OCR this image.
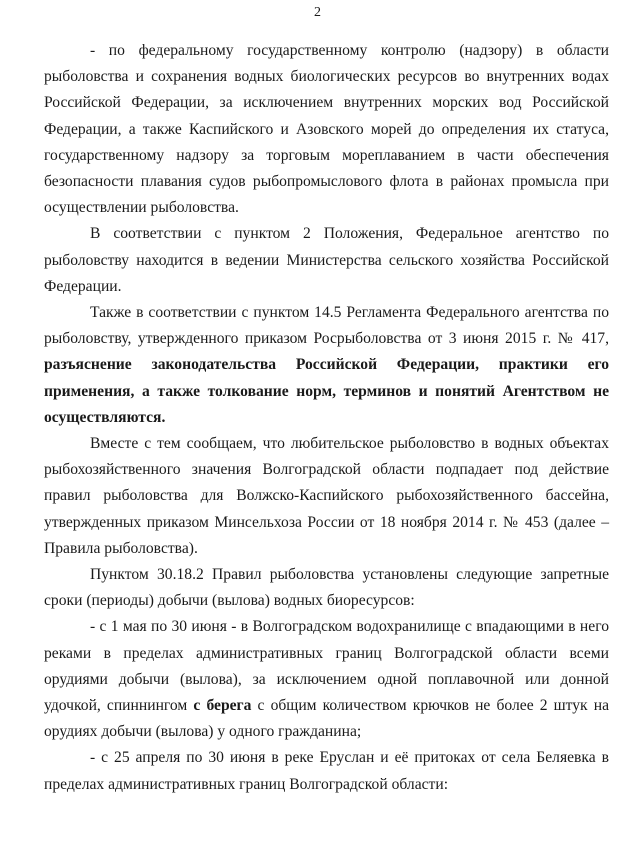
2

- по федеральному государственному контролю (надзору) в области рыболовства и сохранения водных биологических ресурсов во внутренних водах Российской Федерации, за исключением внутренних морских вод Российской Федерации, а также Каспийского и Азовского морей до определения их статуса, государственному надзору за торговым мореплаванием в части обеспечения безопасности плавания судов рыбопромыслового флота в районах промысла при осуществлении рыболовства.

В соответствии с пунктом 2 Положения, Федеральное агентство по рыболовству находится в ведении Министерства сельского хозяйства Российской Федерации.

Также в соответствии с пунктом 14.5 Регламента Федерального агентства по рыболовству, утвержденного приказом Росрыболовства от 3 июня 2015 г. № 417, разъяснение законодательства Российской Федерации, практики его применения, а также толкование норм, терминов и понятий Агентством не осуществляются.

Вместе с тем сообщаем, что любительское рыболовство в водных объектах рыбохозяйственного значения Волгоградской области подпадает под действие правил рыболовства для Волжско-Каспийского рыбохозяйственного бассейна, утвержденных приказом Минсельхоза России от 18 ноября 2014 г. № 453 (далее – Правила рыболовства).

Пунктом 30.18.2 Правил рыболовства установлены следующие запретные сроки (периоды) добычи (вылова) водных биоресурсов:

- с 1 мая по 30 июня - в Волгоградском водохранилище с впадающими в него реками в пределах административных границ Волгоградской области всеми орудиями добычи (вылова), за исключением одной поплавочной или донной удочкой, спиннингом с берега с общим количеством крючков не более 2 штук на орудиях добычи (вылова) у одного гражданина;

- с 25 апреля по 30 июня в реке Еруслан и её притоках от села Беляевка в пределах административных границ Волгоградской области:
